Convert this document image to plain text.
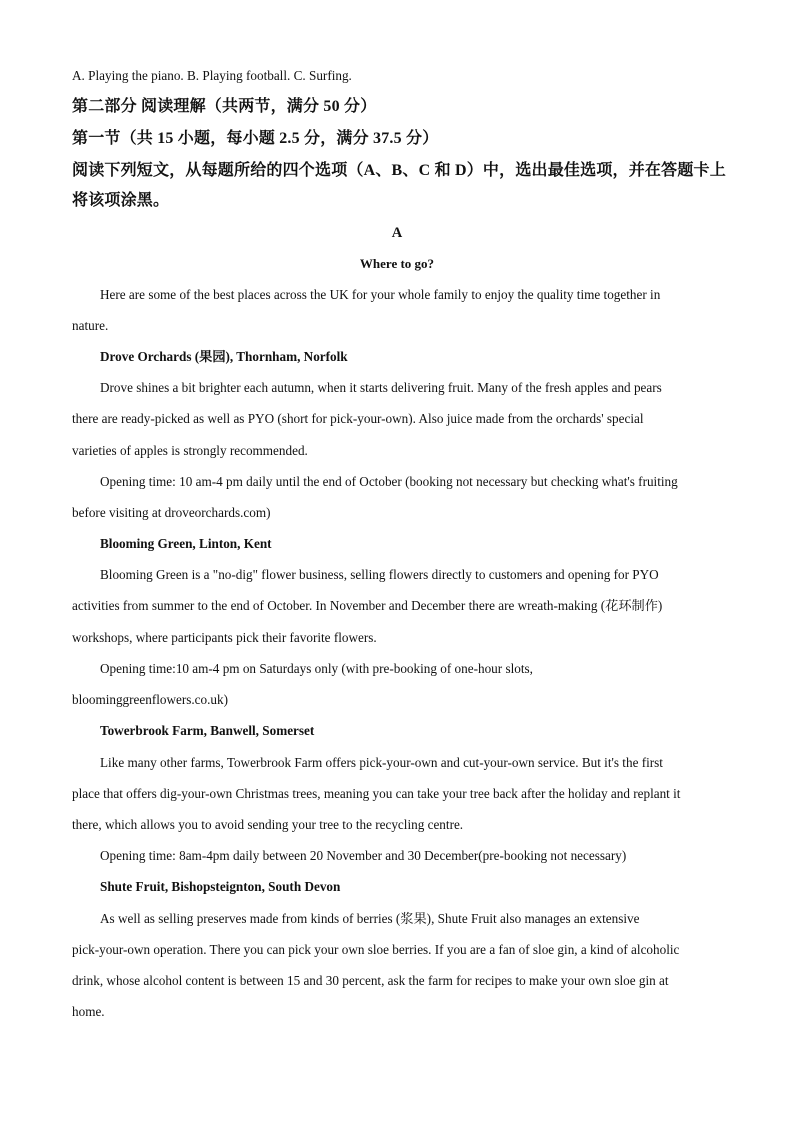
A. Playing the piano. B. Playing football. C. Surfing.
第二部分 阅读理解（共两节，满分 50 分）
第一节（共 15 小题，每小题 2.5 分，满分 37.5 分）
阅读下列短文，从每题所给的四个选项（A、B、C 和 D）中，选出最佳选项，并在答题卡上
将该项涂黑。
A
Where to go?
Here are some of the best places across the UK for your whole family to enjoy the quality time together in
nature.
Drove Orchards (果园), Thornham, Norfolk
Drove shines a bit brighter each autumn, when it starts delivering fruit. Many of the fresh apples and pears
there are ready-picked as well as PYO (short for pick-your-own). Also juice made from the orchards' special
varieties of apples is strongly recommended.
Opening time: 10 am-4 pm daily until the end of October (booking not necessary but checking what's fruiting
before visiting at droveorchards.com)
Blooming Green, Linton, Kent
Blooming Green is a "no-dig" flower business, selling flowers directly to customers and opening for PYO
activities from summer to the end of October. In November and December there are wreath-making (花环制作)
workshops, where participants pick their favorite flowers.
Opening time:10 am-4 pm on Saturdays only (with pre-booking of one-hour slots,
bloominggreenflowers.co.uk)
Towerbrook Farm, Banwell, Somerset
Like many other farms, Towerbrook Farm offers pick-your-own and cut-your-own service. But it's the first
place that offers dig-your-own Christmas trees, meaning you can take your tree back after the holiday and replant it
there, which allows you to avoid sending your tree to the recycling centre.
Opening time: 8am-4pm daily between 20 November and 30 December(pre-booking not necessary)
Shute Fruit, Bishopsteignton, South Devon
As well as selling preserves made from kinds of berries (浆果), Shute Fruit also manages an extensive
pick-your-own operation. There you can pick your own sloe berries. If you are a fan of sloe gin, a kind of alcoholic
drink, whose alcohol content is between 15 and 30 percent, ask the farm for recipes to make your own sloe gin at
home.
